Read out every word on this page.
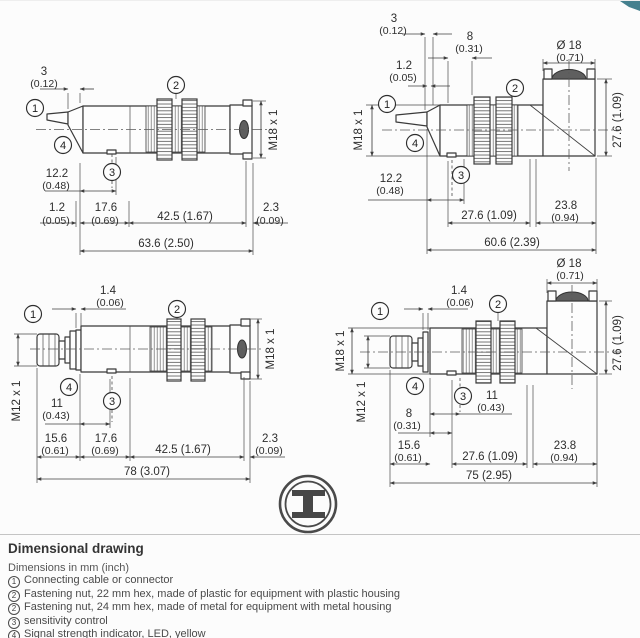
3
(0.12)
M18 x 1
12.2
(0.48)
1.2
(0.05)
17.6
(0.69)	42.5 (1.67)
2.3
(0.09)
63.6 (2.50)
1
2
3
4
3
(0.12)	8
(0.31)
1.2
(0.05)
Ø 18
(0.71)
M18 x 1	27.6 (1.09)
12.2
(0.48)
27.6 (1.09)
23.8
(0.94)
60.6 (2.39)
1
2
3
4
1.4
(0.06)
M12 x 1
M18 x 1
11
(0.43)
15.6
(0.61)
17.6
(0.69)	42.5 (1.67)
2.3
(0.09)
78 (3.07)
1	2
3
4
1.4
(0.06)
Ø 18
(0.71)
M18 x 1
M12 x 1
27.6 (1.09)
11
(0.43)
8
(0.31)
15.6
(0.61)	27.6 (1.09)
23.8
(0.94)
75 (2.95)
1
2
3
4
Dimensional drawing
Dimensions in mm (inch)
1 Connecting cable or connector
2 Fastening nut, 22 mm hex, made of plastic for equipment with plastic housing
2 Fastening nut, 24 mm hex, made of metal for equipment with metal housing
3 sensitivity control
4 Signal strength indicator, LED, yellow
